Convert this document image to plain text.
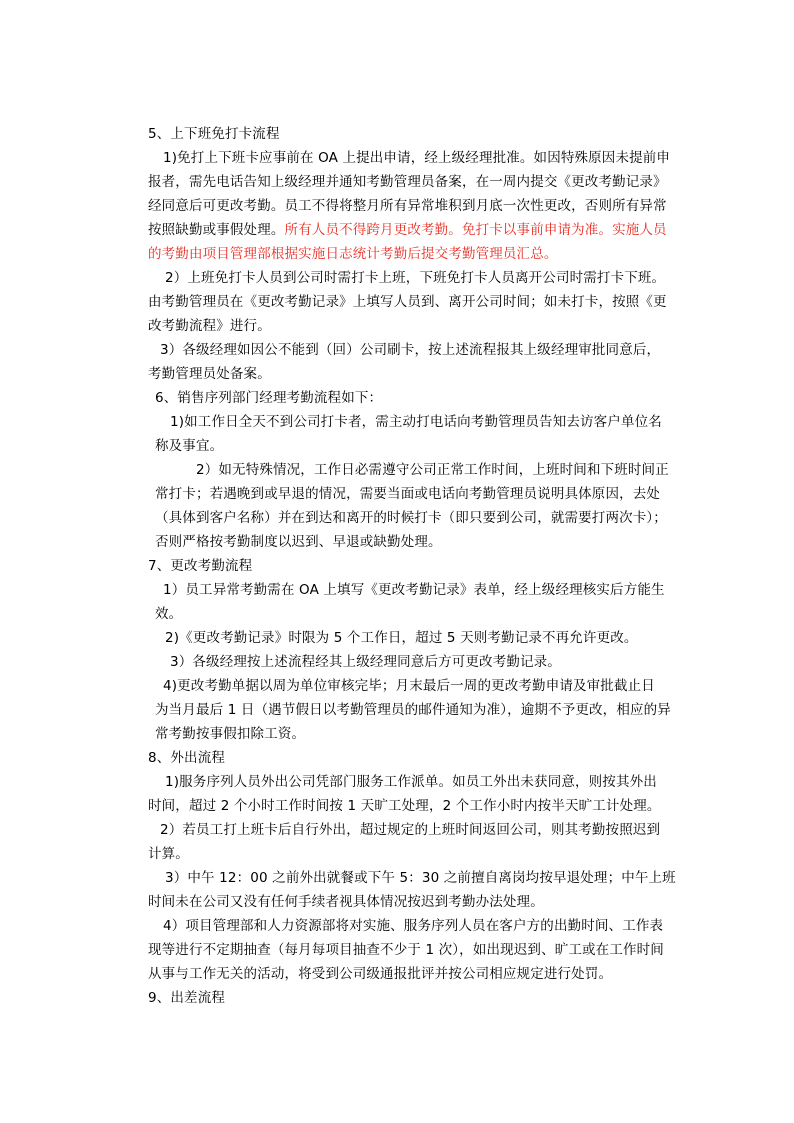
5、上下班免打卡流程
1)免打上下班卡应事前在 OA 上提出申请，经上级经理批准。如因特殊原因未提前申
报者，需先电话告知上级经理并通知考勤管理员备案，在一周内提交《更改考勤记录》
经同意后可更改考勤。员工不得将整月所有异常堆积到月底一次性更改，否则所有异常
按照缺勤或事假处理。所有人员不得跨月更改考勤。免打卡以事前申请为准。实施人员
的考勤由项目管理部根据实施日志统计考勤后提交考勤管理员汇总。
2）上班免打卡人员到公司时需打卡上班，下班免打卡人员离开公司时需打卡下班。
由考勤管理员在《更改考勤记录》上填写人员到、离开公司时间；如未打卡，按照《更
改考勤流程》进行。
3）各级经理如因公不能到（回）公司刷卡，按上述流程报其上级经理审批同意后，
考勤管理员处备案。
6、销售序列部门经理考勤流程如下：
1)如工作日全天不到公司打卡者，需主动打电话向考勤管理员告知去访客户单位名
称及事宜。
2）如无特殊情况，工作日必需遵守公司正常工作时间，上班时间和下班时间正
常打卡；若遇晚到或早退的情况，需要当面或电话向考勤管理员说明具体原因，去处
（具体到客户名称）并在到达和离开的时候打卡（即只要到公司，就需要打两次卡）；
否则严格按考勤制度以迟到、早退或缺勤处理。
7、更改考勤流程
1）员工异常考勤需在 OA 上填写《更改考勤记录》表单，经上级经理核实后方能生
效。
2)《更改考勤记录》时限为 5 个工作日，超过 5 天则考勤记录不再允许更改。
3）各级经理按上述流程经其上级经理同意后方可更改考勤记录。
4)更改考勤单据以周为单位审核完毕；月末最后一周的更改考勤申请及审批截止日
为当月最后 1 日（遇节假日以考勤管理员的邮件通知为准），逾期不予更改，相应的异
常考勤按事假扣除工资。
8、外出流程
1)服务序列人员外出公司凭部门服务工作派单。如员工外出未获同意，则按其外出
时间，超过 2 个小时工作时间按 1 天旷工处理，2 个工作小时内按半天旷工计处理。
2）若员工打上班卡后自行外出，超过规定的上班时间返回公司，则其考勤按照迟到
计算。
3）中午 12：00 之前外出就餐或下午 5：30 之前擅自离岗均按早退处理；中午上班
时间未在公司又没有任何手续者视具体情况按迟到考勤办法处理。
4）项目管理部和人力资源部将对实施、服务序列人员在客户方的出勤时间、工作表
现等进行不定期抽查（每月每项目抽查不少于 1 次），如出现迟到、旷工或在工作时间
从事与工作无关的活动，将受到公司级通报批评并按公司相应规定进行处罚。
9、出差流程
